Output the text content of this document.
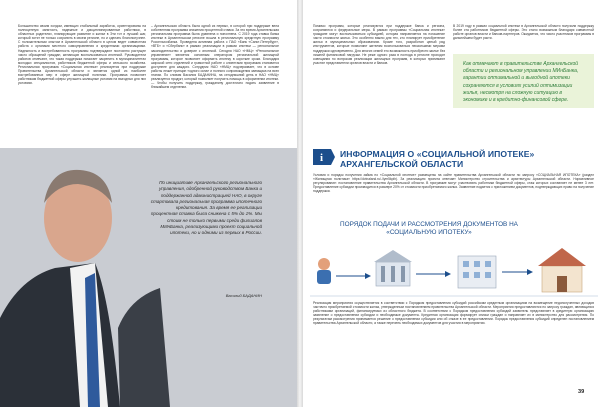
Большинство своим холдом, имеющих стабильный заработок, ориентированы на полноценную занятость, надежные и дисциплинированные работники, в областных родителях, планирующие развитие и жилье в Эти тот и лучший шаг, который хотят не только сохранить в своем регионе, но и сделать благополучнее. С положительным опытом в Архангельской области в целом ведет совместная работа с органами местного самоуправления и кредитными организациями. Надежность и востребованность программы подтверждают постоянно растущее число обращений граждан, желающих воспользоваться ипотекой. Руководители районов отмечают, что такая поддержка помогает закрепить в муниципалитетах молодых специалистов, работников бюджетной сферы и сельского хозяйства. Региональная программа «Социальная ипотека» реализуется при поддержке Правительства Архангельской области и является одной из наиболее востребованных мер в сфере жилищной политики. Программа позволяет работникам бюджетной сферы улучшить жилищные условия на выгодных для них условиях.
– Архангельская область была одной из первых, в которой при поддержке вела собственная программа снижения процентной ставки. За это время Архангельская региональная программа была уравнена и пополнена. С 2019 года ставка банка ипотеки в Архангельском регионе вошла в региональную кредитную программу Россельхозбанка. Проведена активная работа с ПАО «Банк «Санкт-Петербург», «ВТБ» и «Сбербанк» в рамках реализации в рамках ипотеки — региональное законодательство и доверие с ипотекой. Сегодня НАО «НМЦ» «Региональное управление» является основным оператором региональной жилищной программы, которое позволяет оформить ипотеку в короткие сроки. Благодаря широкой сети отделений и грамотной работе с клиентами программа становится доступнее для каждого. Сотрудник НАО «НМЦ» подчеркивает, что в основе работы лежит принцип «одного окна» и полного сопровождения заемщика на всех этапах. По словам Василия БАДАНИНА, на сегодняшний день в НАО «НМЦ» реализуется продукт, который позволяет получить помощь в оформлении ипотеки. — Чтобы получить поддержку, гражданину достаточно подать заявление в ближайшем отделении.
По инициативе Архангельского регионального управления, одобренной руководством Банка и поддержанной администрацией НАО, в округе стартовала региональная программа ипотечного кредитования. За время ее реализации процентная ставка была снижена с 5% до 1%. Мы стоим не только первыми среди филиалов МИнБанка, реализующими проект социальной ипотеки, но и одними из первых в России.
Василий БАДАНИН
Помимо программ, которые реализуются при поддержке банка и региона, сохраняются и федеральные меры. В рамках программы «Социальная ипотека» граждане могут воспользоваться субсидией, которая направляется на погашение части стоимости жилья. Это особенно важно для тех, кто планирует приобретение жилья в муниципальных образованиях. Кроме того, разработан целый ряд инструментов, которые позволяют жителям воспользоваться несколькими мерами поддержки одновременно. Для многих семей это возможность приобрести жилье без лишней финансовой нагрузки. Не реже одного раза в полгода в регионе проходят совещания по вопросам реализации жилищных программ, в которых принимают участие представители органов власти и банков.
В 2019 году в рамках социальной ипотеки в Архангельской области получили поддержку более ста работников бюджетной сферы. Это стало возможным благодаря совместной работе органов власти и банков-партнеров. Ожидается, что число участников программы в дальнейшем будет расти.
Как отмечают в правительстве Архангельской области и региональном управлении МИнБанка, гарантии оптимальной и выгодной ипотеки сохраняются в условиях усилий оптимизации жилья, несмотря на сложную ситуацию в экономике и в кредитно-финансовой сфере.
i ИНФОРМАЦИЯ О «СОЦИАЛЬНОЙ ИПОТЕКЕ» АРХАНГЕЛЬСКОЙ ОБЛАСТИ
Условия и порядок получения займа по «Социальной ипотеке» размещены на сайте правительства Архангельской области по запросу «СОЦИАЛЬНАЯ ИПОТЕКА» (раздел «Жилищная политика» https://dvinaland.ru/-/lym5kpih). За реализацию проекта отвечает Министерство строительства и архитектуры Архангельской области. Нормативное регулирование: постановление правительства Архангельской области. В программе могут участвовать работники бюджетной сферы, стаж которых составляет не менее 3 лет. Предоставление субсидии производится в размере 20% от стоимости приобретаемого жилья. Заявление подается с приложением документов, подтверждающих право на получение поддержки.
ПОРЯДОК ПОДАЧИ И РАССМОТРЕНИЯ ДОКУМЕНТОВ НА «СОЦИАЛЬНУЮ ИПОТЕКУ»
Реализация мероприятия осуществляется в соответствии с Порядком предоставления субсидий российским кредитным организациям на возмещение недополученных доходов частично приобретаемой стоимости жилья, утвержденным постановлением правительства Архангельской области. Мероприятия предоставляются по запросу граждан, являющихся работниками организаций, финансируемых из областного бюджета. В соответствии с Порядком предоставления субсидий заявитель представляет в кредитную организацию заявление о предоставлении субсидии и необходимые документы. Кредитная организация формирует списки граждан и направляет их в министерство для рассмотрения. По результатам рассмотрения принимается решение о предоставлении субсидии или об отказе в ее предоставлении. Порядок предоставления субсидий определен постановлением правительства Архангельской области, а также перечень необходимых документов для участия в мероприятии.
39
